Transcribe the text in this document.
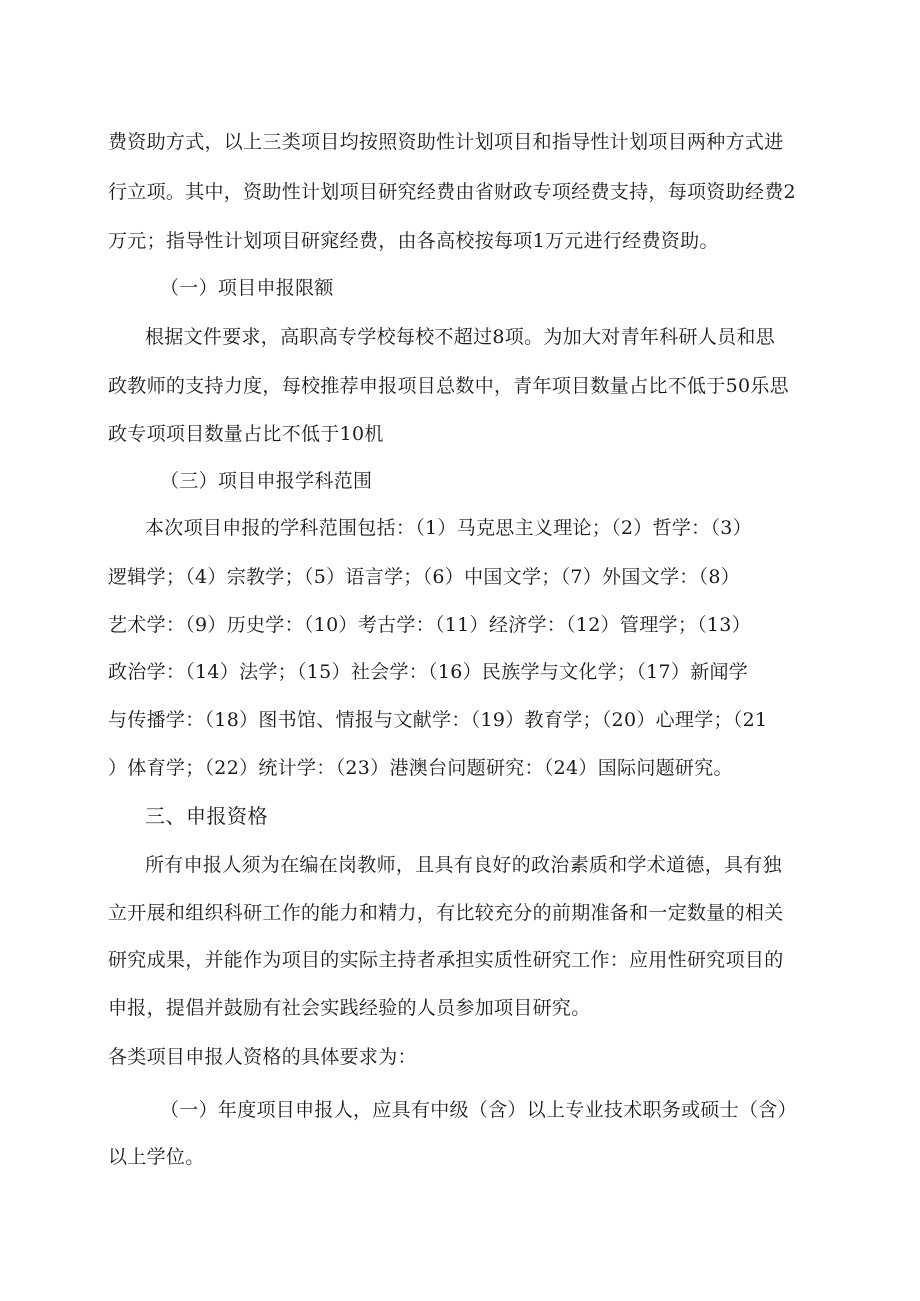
费资助方式，以上三类项目均按照资助性计划项目和指导性计划项目两种方式进
行立项。其中，资助性计划项目研究经费由省财政专项经费支持，每项资助经费2
万元；指导性计划项目研窕经费，由各高校按每项1万元进行经费资助。
（一）项目申报限额
根据文件要求，高职高专学校每校不超过8项。为加大对青年科研人员和思
政教师的支持力度，每校推荐申报项目总数中，青年项目数量占比不低于50乐思
政专项项目数量占比不低于10机
（三）项目申报学科范围
本次项目申报的学科范围包括：（1）马克思主义理论；（2）哲学：（3）
逻辑学；（4）宗教学；（5）语言学；（6）中国文学；（7）外国文学：（8）
艺术学：（9）历史学：（10）考古学：（11）经济学：（12）管理学；（13）
政治学：（14）法学；（15）社会学：（16）民族学与文化学；（17）新闻学
与传播学：（18）图书馆、情报与文献学：（19）教育学；（20）心理学；（21
）体育学；（22）统计学：（23）港澳台问题研究：（24）国际问题研究。
三、申报资格
所有申报人须为在编在岗教师，且具有良好的政治素质和学术道德，具有独
立开展和组织科研工作的能力和精力，有比较充分的前期准备和一定数量的相关
研究成果，并能作为项目的实际主持者承担实质性研究工作：应用性研究项目的
申报，提倡并鼓励有社会实践经验的人员参加项目研究。
各类项目申报人资格的具体要求为：
（一）年度项目申报人，应具有中级（含）以上专业技术职务或硕士（含）
以上学位。
